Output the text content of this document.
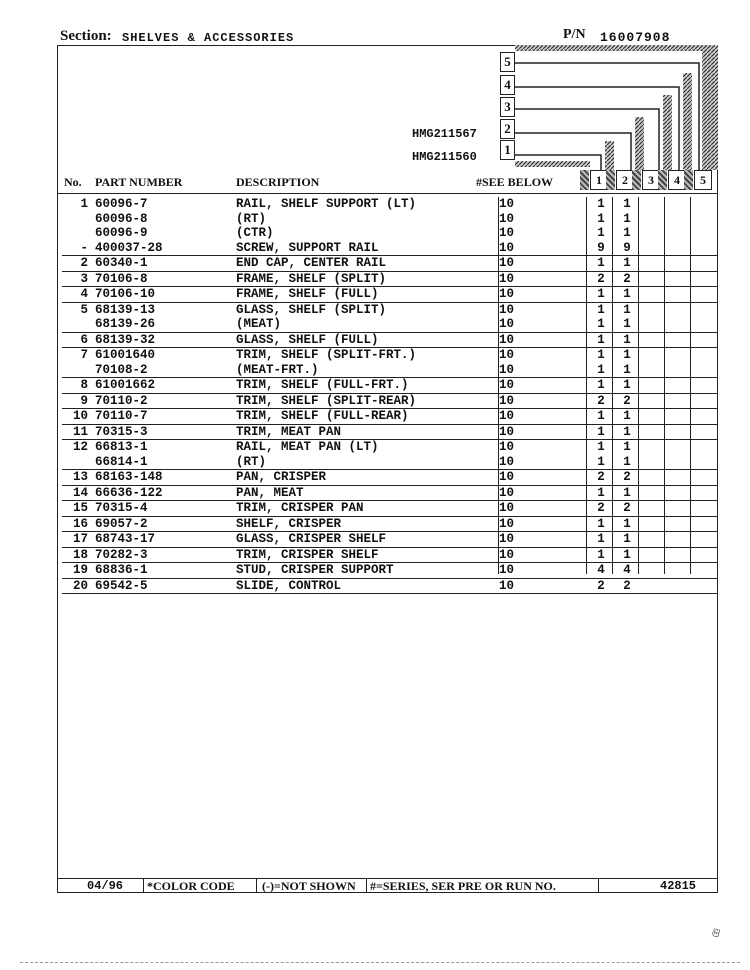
Section: SHELVES & ACCESSORIES	P/N 16007908
HMG211567
HMG211560
5
4
3
2
1
No. PART NUMBER	DESCRIPTION	#SEE BELOW	1	2	3	4	5
1 60096-7	RAIL, SHELF SUPPORT (LT)	10	1 1
60096-8	(RT)	10	1 1
60096-9	(CTR)	10	1 1
- 400037-28	SCREW, SUPPORT RAIL	10	9 9
2 60340-1	END CAP, CENTER RAIL	10	1 1
3 70106-8	FRAME, SHELF (SPLIT)	10	2 2
4 70106-10	FRAME, SHELF (FULL)	10	1 1
5 68139-13	GLASS, SHELF (SPLIT)	10	1 1
68139-26	(MEAT)	10	1 1
6 68139-32	GLASS, SHELF (FULL)	10	1 1
7 61001640	TRIM, SHELF (SPLIT-FRT.)	10	1 1
70108-2	(MEAT-FRT.)	10	1 1
8 61001662	TRIM, SHELF (FULL-FRT.)	10	1 1
9 70110-2	TRIM, SHELF (SPLIT-REAR)	10	2 2
10 70110-7	TRIM, SHELF (FULL-REAR)	10	1 1
11 70315-3	TRIM, MEAT PAN	10	1 1
12 66813-1	RAIL, MEAT PAN (LT)	10	1 1
66814-1	(RT)	10	1 1
13 68163-148	PAN, CRISPER	10	2 2
14 66636-122	PAN, MEAT	10	1 1
15 70315-4	TRIM, CRISPER PAN	10	2 2
16 69057-2	SHELF, CRISPER	10	1 1
17 68743-17	GLASS, CRISPER SHELF	10	1 1
18 70282-3	TRIM, CRISPER SHELF	10	1 1
19 68836-1	STUD, CRISPER SUPPORT	10	4 4
20 69542-5	SLIDE, CONTROL	10	2 2
04/96 *COLOR CODE (-)=NOT SHOWN #=SERIES, SER PRE OR RUN NO.	42815
ଞ
